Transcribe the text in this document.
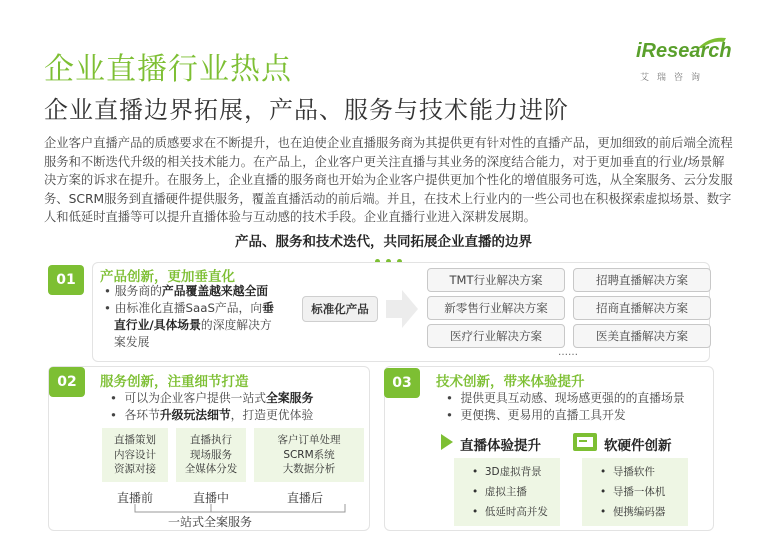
企业直播行业热点
企业直播边界拓展，产品、服务与技术能力进阶
iResearch
艾瑞咨询
企业客户直播产品的质感要求在不断提升，也在迫使企业直播服务商为其提供更有针对性的直播产品，更加细致的前后端全流程服务和不断迭代升级的相关技术能力。在产品上，企业客户更关注直播与其业务的深度结合能力，对于更加垂直的行业/场景解决方案的诉求在提升。在服务上，企业直播的服务商也开始为企业客户提供更加个性化的增值服务可选，从全案服务、云分发服务、SCRM服务到直播硬件提供服务，覆盖直播活动的前后端。并且，在技术上行业内的一些公司也在积极探索虚拟场景、数字人和低延时直播等可以提升直播体验与互动感的技术手段。企业直播行业进入深耕发展期。
产品、服务和技术迭代，共同拓展企业直播的边界
01	产品创新，更加垂直化
• 服务商的产品覆盖越来越全面
• 由标准化直播SaaS产品，向垂
直行业/具体场景的深度解决方
案发展
标准化产品
TMT行业解决方案	招聘直播解决方案
新零售行业解决方案	招商直播解决方案
医疗行业解决方案	医美直播解决方案
……
02	服务创新，注重细节打造
•  可以为企业客户提供一站式全案服务
•  各环节升级玩法细节，打造更优体验
直播策划
内容设计
资源对接
直播执行
现场服务
全媒体分发
客户订单处理
SCRM系统
大数据分析
直播前	直播中	直播后
一站式全案服务
03	技术创新，带来体验提升
•  提供更具互动感、现场感更强的的直播场景
•  更便携、更易用的直播工具开发
直播体验提升	软硬件创新
•  3D虚拟背景
•  虚拟主播
•  低延时高并发
•  导播软件
•  导播一体机
•  便携编码器
